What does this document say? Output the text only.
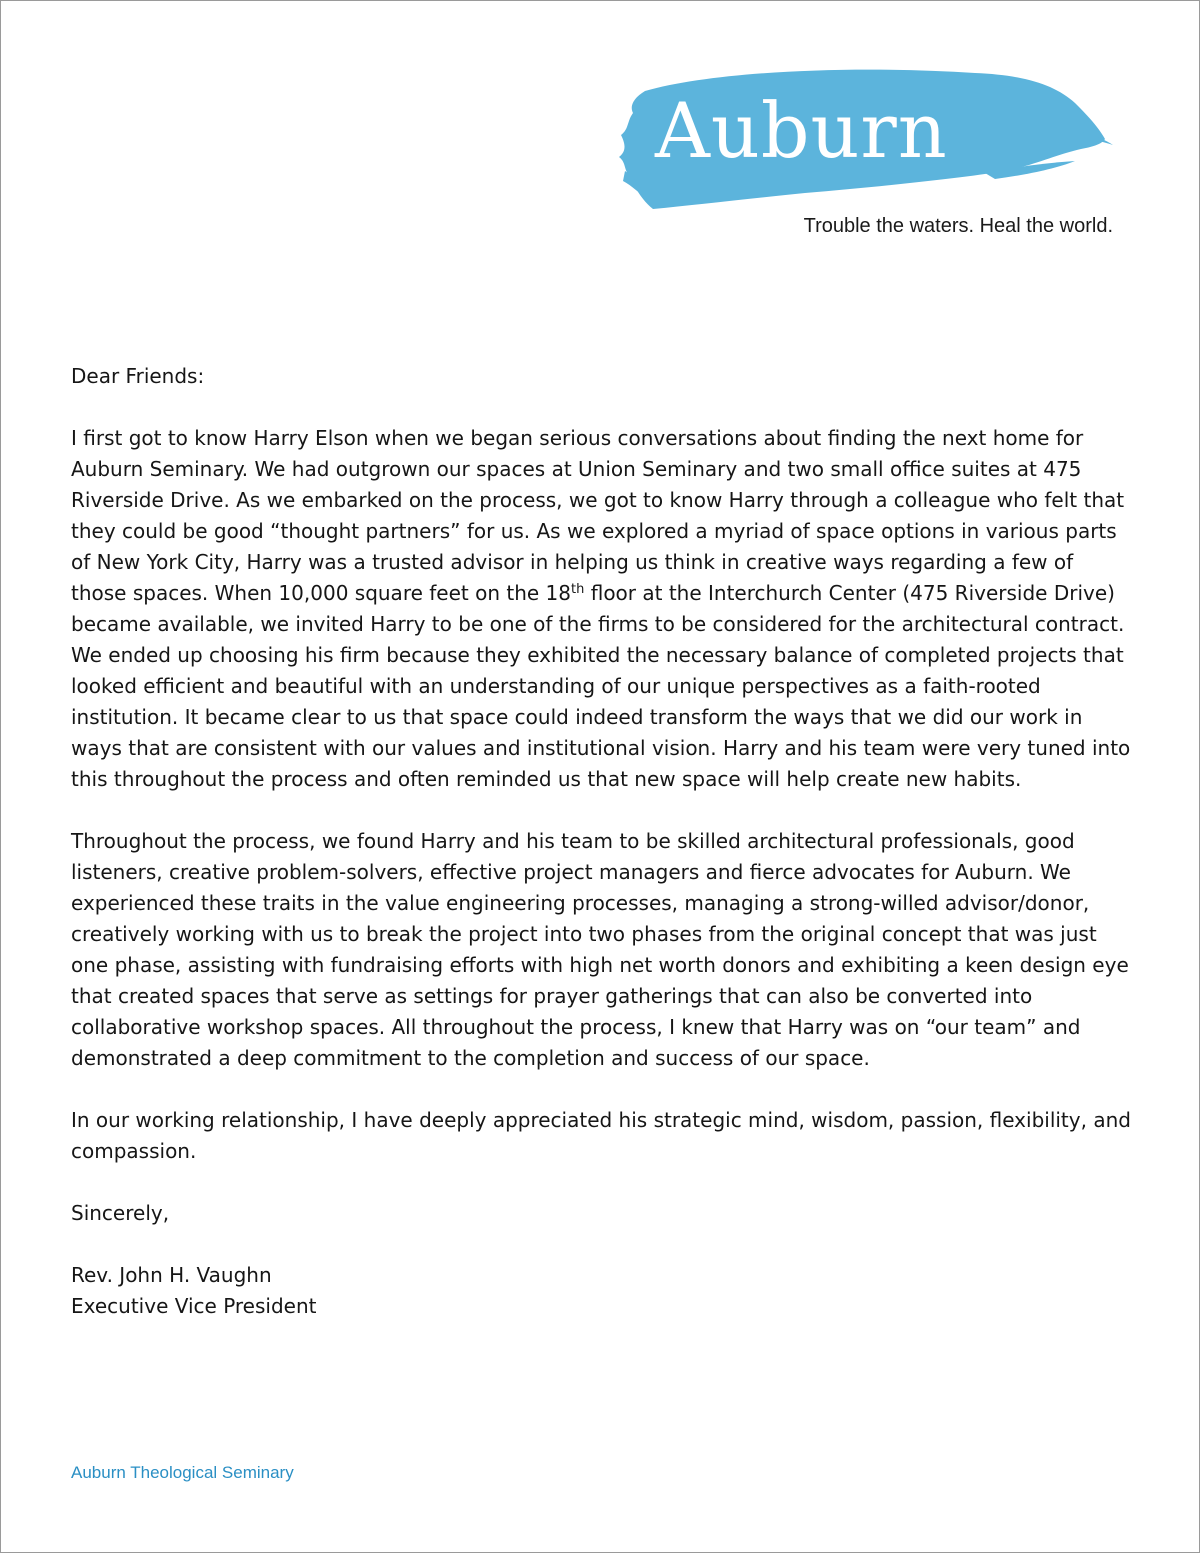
Auburn
Trouble the waters. Heal the world.

Dear Friends:

I first got to know Harry Elson when we began serious conversations about finding the next home for Auburn Seminary. We had outgrown our spaces at Union Seminary and two small office suites at 475 Riverside Drive. As we embarked on the process, we got to know Harry through a colleague who felt that they could be good “thought partners” for us. As we explored a myriad of space options in various parts of New York City, Harry was a trusted advisor in helping us think in creative ways regarding a few of those spaces. When 10,000 square feet on the 18th floor at the Interchurch Center (475 Riverside Drive) became available, we invited Harry to be one of the firms to be considered for the architectural contract. We ended up choosing his firm because they exhibited the necessary balance of completed projects that looked efficient and beautiful with an understanding of our unique perspectives as a faith-rooted institution. It became clear to us that space could indeed transform the ways that we did our work in ways that are consistent with our values and institutional vision. Harry and his team were very tuned into this throughout the process and often reminded us that new space will help create new habits.

Throughout the process, we found Harry and his team to be skilled architectural professionals, good listeners, creative problem-solvers, effective project managers and fierce advocates for Auburn. We experienced these traits in the value engineering processes, managing a strong-willed advisor/donor, creatively working with us to break the project into two phases from the original concept that was just one phase, assisting with fundraising efforts with high net worth donors and exhibiting a keen design eye that created spaces that serve as settings for prayer gatherings that can also be converted into collaborative workshop spaces. All throughout the process, I knew that Harry was on “our team” and demonstrated a deep commitment to the completion and success of our space.

In our working relationship, I have deeply appreciated his strategic mind, wisdom, passion, flexibility, and compassion.

Sincerely,

Rev. John H. Vaughn

Executive Vice President

Auburn Theological Seminary
